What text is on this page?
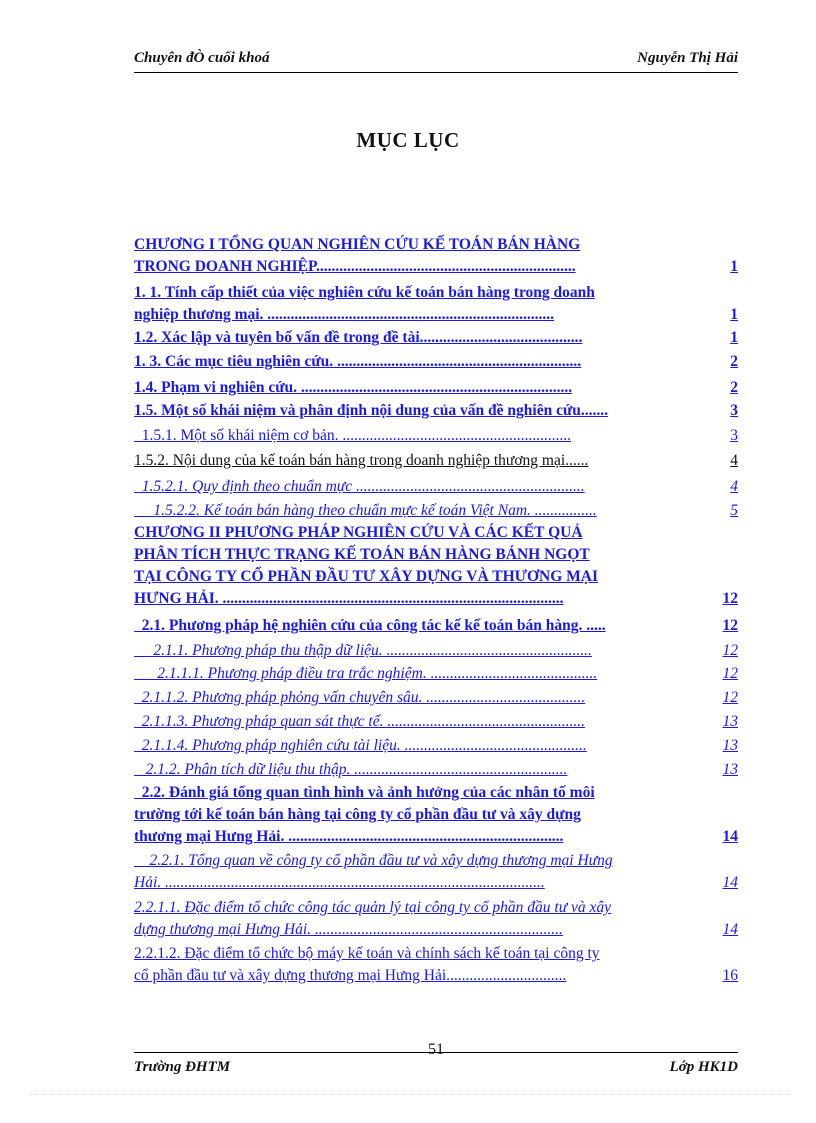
Chuyên đÒ cuối khoá	Nguyễn Thị Hải
MỤC LỤC
CHƯƠNG I TỔNG QUAN NGHIÊN CỨU KẾ TOÁN BÁN HÀNG
TRONG DOANH NGHIỆP...................................................................	1
1. 1. Tính cấp thiết của việc nghiên cứu kế toán bán hàng trong doanh
nghiệp thương mại. ..........................................................................	1
1.2. Xác lập và tuyên bố vấn đề trong đề tài..........................................	1
1. 3. Các mục tiêu nghiên cứu. ...............................................................	2
1.4. Phạm vi nghiên cứu. ......................................................................	2
1.5. Một số khái niệm và phân định nội dung của vấn đề nghiên cứu.......	3
1.5.1. Một số khái niệm cơ bản. ...........................................................	3
1.5.2. Nội dung của kế toán bán hàng trong doanh nghiệp thương mại......	4
1.5.2.1. Quy định theo chuẩn mực ...........................................................	4
1.5.2.2. Kế toán bán hàng theo chuẩn mực kế toán Việt Nam. ................	5
CHƯƠNG II PHƯƠNG PHÁP NGHIÊN CỨU VÀ CÁC KẾT QUẢ
PHÂN TÍCH THỰC TRẠNG KẾ TOÁN BÁN HÀNG BÁNH NGỌT
TẠI CÔNG TY CỔ PHẦN ĐẦU TƯ XÂY DỰNG VÀ THƯƠNG MẠI
HƯNG HẢI. ........................................................................................	12
2.1. Phương pháp hệ nghiên cứu của công tác kế kế toán bán hàng. .....	12
2.1.1. Phương pháp thu thập dữ liệu. .....................................................	12
2.1.1.1. Phương pháp điều tra trắc nghiệm. ...........................................	12
2.1.1.2. Phương pháp phỏng vấn chuyên sâu. .........................................	12
2.1.1.3. Phương pháp quan sát thực tế. ...................................................	13
2.1.1.4. Phương pháp nghiên cứu tài liệu. ...............................................	13
2.1.2. Phân tích dữ liệu thu thập. .......................................................	13
2.2. Đánh giá tổng quan tình hình và ảnh hưởng của các nhân tố môi
trường tới kế toán bán hàng tại công ty cổ phần đầu tư và xây dựng
thương mại Hưng Hải. .......................................................................	14
2.2.1. Tổng quan về công ty cổ phần đầu tư và xây dựng thương mại Hưng
Hải. ..................................................................................................	14
2.2.1.1. Đặc điểm tổ chức công tác quản lý tại công ty cổ phần đầu tư và xây
dựng thương mại Hưng Hải. ................................................................	14
2.2.1.2. Đặc điểm tổ chức bộ máy kế toán và chính sách kế toán tại công ty
cổ phần đầu tư và xây dựng thương mại Hưng Hải...............................	16
Trường ĐHTM
51
Lớp HK1D
